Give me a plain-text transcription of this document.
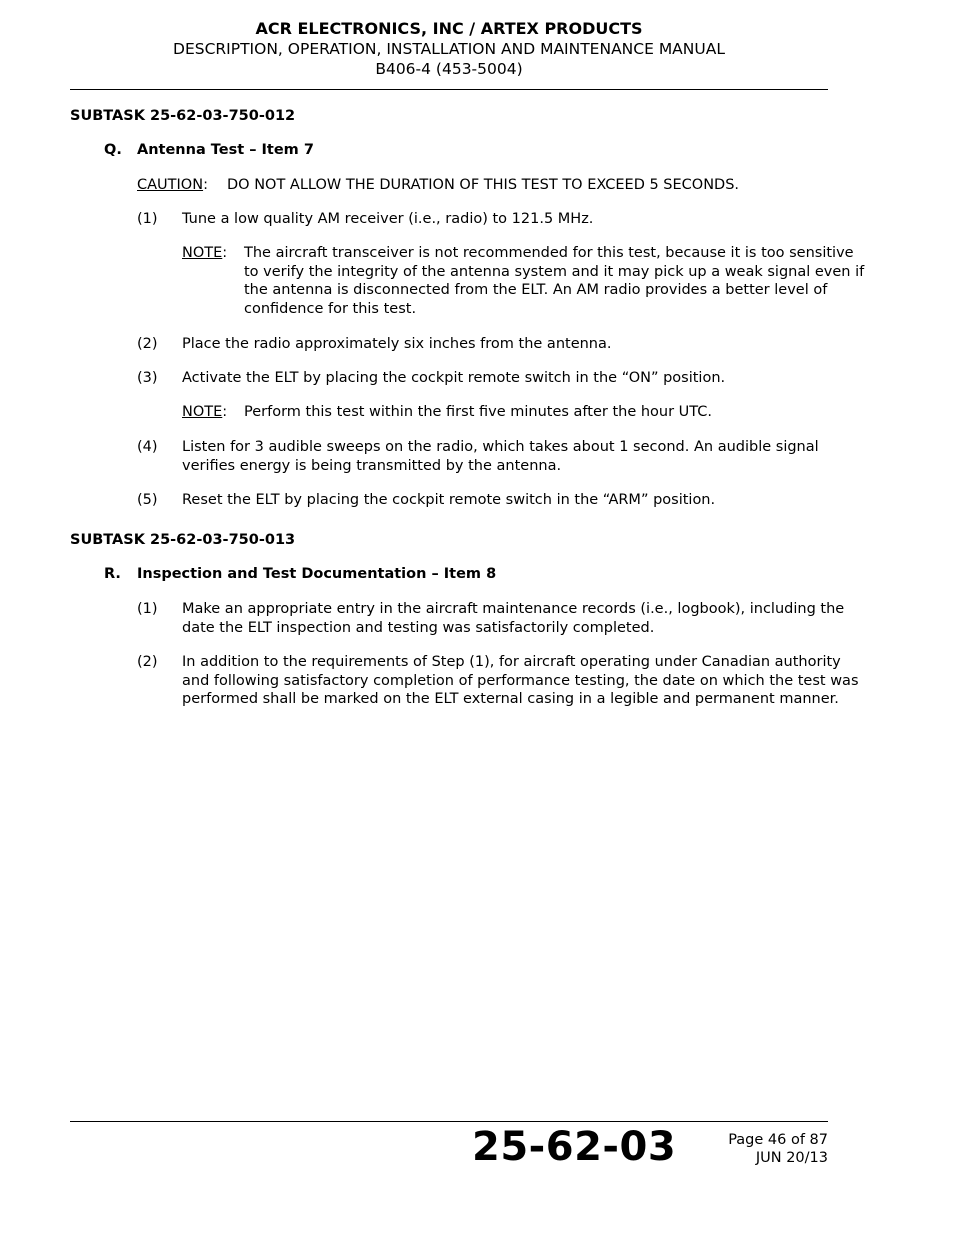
ACR ELECTRONICS, INC / ARTEX PRODUCTS
DESCRIPTION, OPERATION, INSTALLATION AND MAINTENANCE MANUAL
B406-4 (453-5004)
SUBTASK 25-62-03-750-012
Q. Antenna Test – Item 7
CAUTION: DO NOT ALLOW THE DURATION OF THIS TEST TO EXCEED 5 SECONDS.
(1) Tune a low quality AM receiver (i.e., radio) to 121.5 MHz.
NOTE: The aircraft transceiver is not recommended for this test, because it is too sensitive
to verify the integrity of the antenna system and it may pick up a weak signal even if
the antenna is disconnected from the ELT. An AM radio provides a better level of
confidence for this test.
(2) Place the radio approximately six inches from the antenna.
(3) Activate the ELT by placing the cockpit remote switch in the “ON” position.
NOTE: Perform this test within the first five minutes after the hour UTC.
(4) Listen for 3 audible sweeps on the radio, which takes about 1 second. An audible signal
verifies energy is being transmitted by the antenna.
(5) Reset the ELT by placing the cockpit remote switch in the “ARM” position.
SUBTASK 25-62-03-750-013
R. Inspection and Test Documentation – Item 8
(1) Make an appropriate entry in the aircraft maintenance records (i.e., logbook), including the
date the ELT inspection and testing was satisfactorily completed.
(2) In addition to the requirements of Step (1), for aircraft operating under Canadian authority
and following satisfactory completion of performance testing, the date on which the test was
performed shall be marked on the ELT external casing in a legible and permanent manner.
25-62-03	Page 46 of 87
JUN 20/13
